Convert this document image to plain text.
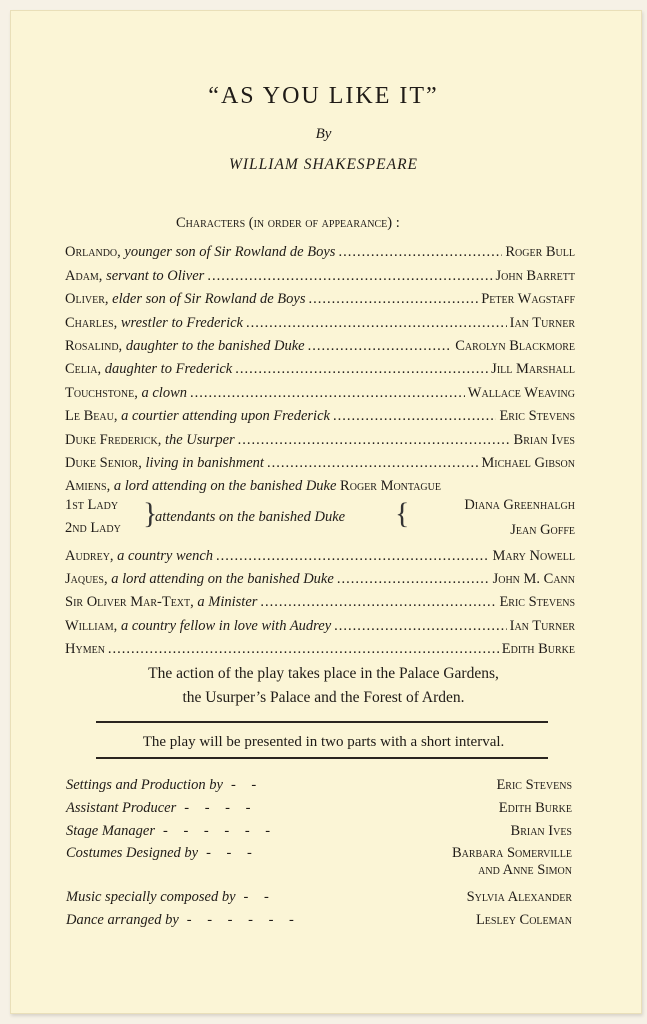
“AS YOU LIKE IT”
By
WILLIAM SHAKESPEARE
Characters (in order of appearance) :
Orlando,
younger son of Sir Rowland de Boys .....	Roger Bull
Adam,
servant to Oliver .....	John Barrett
Oliver,
elder son of Sir Rowland de Boys .....	Peter Wagstaff
Charles,
wrestler to Frederick .....	Ian Turner
Rosalind,
daughter to the banished Duke .....	Carolyn Blackmore
Celia,
daughter to Frederick .....	Jill Marshall
Touchstone,
a clown .....	Wallace Weaving
Le Beau,
a courtier attending upon Frederick .....	Eric Stevens
Duke Frederick,
the Usurper .....	Brian Ives
Duke Senior,
living in banishment .....	Michael Gibson
Amiens,
a lord attending on the banished Duke
Roger Montague
1st Lady
2nd Lady }
attendants on the banished Duke {	Diana Greenhalgh
Jean Goffe
Audrey,
a country wench .....	Mary Nowell
Jaques,
a lord attending on the banished Duke .....	John M. Cann
Sir Oliver Mar-Text,
a Minister .....	Eric Stevens
William,
a country fellow in love with Audrey .....	Ian Turner
Hymen .....	Edith Burke
The action of the play takes place in the Palace Gardens,
the Usurper’s Palace and the Forest of Arden.
The play will be presented in two parts with a short interval.
Settings and Production by - -	Eric Stevens
Assistant Producer - - - -	Edith Burke
Stage Manager - - - - - -	Brian Ives
Costumes Designed by - - -	Barbara Somerville
and Anne Simon
Music specially composed by - -	Sylvia Alexander
Dance arranged by - - - - - -	Lesley Coleman
